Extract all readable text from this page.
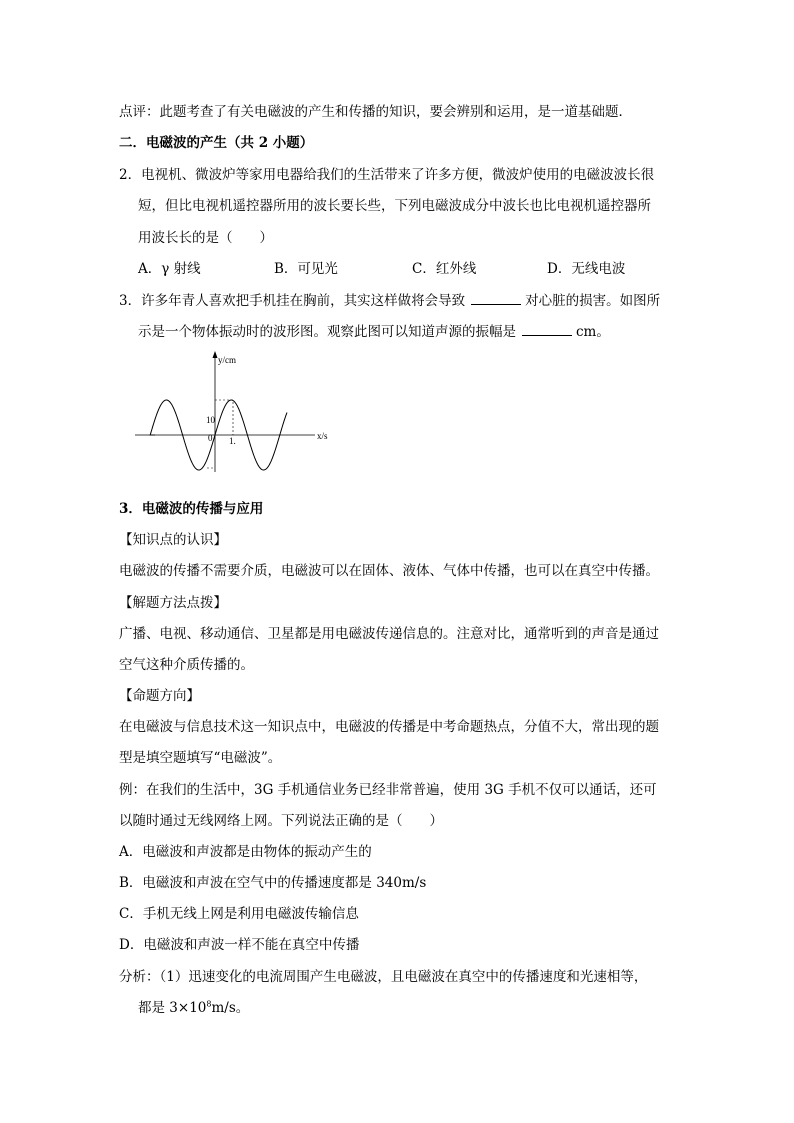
点评：此题考查了有关电磁波的产生和传播的知识，要会辨别和运用，是一道基础题．
二．电磁波的产生（共 2 小题）
2．电视机、微波炉等家用电器给我们的生活带来了许多方便，微波炉使用的电磁波波长很
短，但比电视机遥控器所用的波长要长些，下列电磁波成分中波长也比电视机遥控器所
用波长长的是（　　）
A．γ 射线	B．可见光	C．红外线	D．无线电波
3．许多年青人喜欢把手机挂在胸前，其实这样做将会导致	对心脏的损害。如图所
示是一个物体振动时的波形图。观察此图可以知道声源的振幅是	cm。
y/cm
x/s
10
0 1.
3．电磁波的传播与应用
【知识点的认识】
电磁波的传播不需要介质，电磁波可以在固体、液体、气体中传播，也可以在真空中传播。
【解题方法点拨】
广播、电视、移动通信、卫星都是用电磁波传递信息的。注意对比，通常听到的声音是通过
空气这种介质传播的。
【命题方向】
在电磁波与信息技术这一知识点中，电磁波的传播是中考命题热点，分值不大，常出现的题
型是填空题填写“电磁波”。
例：在我们的生活中，3G 手机通信业务已经非常普遍，使用 3G 手机不仅可以通话，还可
以随时通过无线网络上网。下列说法正确的是（　　）
A．电磁波和声波都是由物体的振动产生的
B．电磁波和声波在空气中的传播速度都是 340m/s
C．手机无线上网是利用电磁波传输信息
D．电磁波和声波一样不能在真空中传播
分析：（1）迅速变化的电流周围产生电磁波，且电磁波在真空中的传播速度和光速相等，
都是 $3\times 10^8m/s$。
